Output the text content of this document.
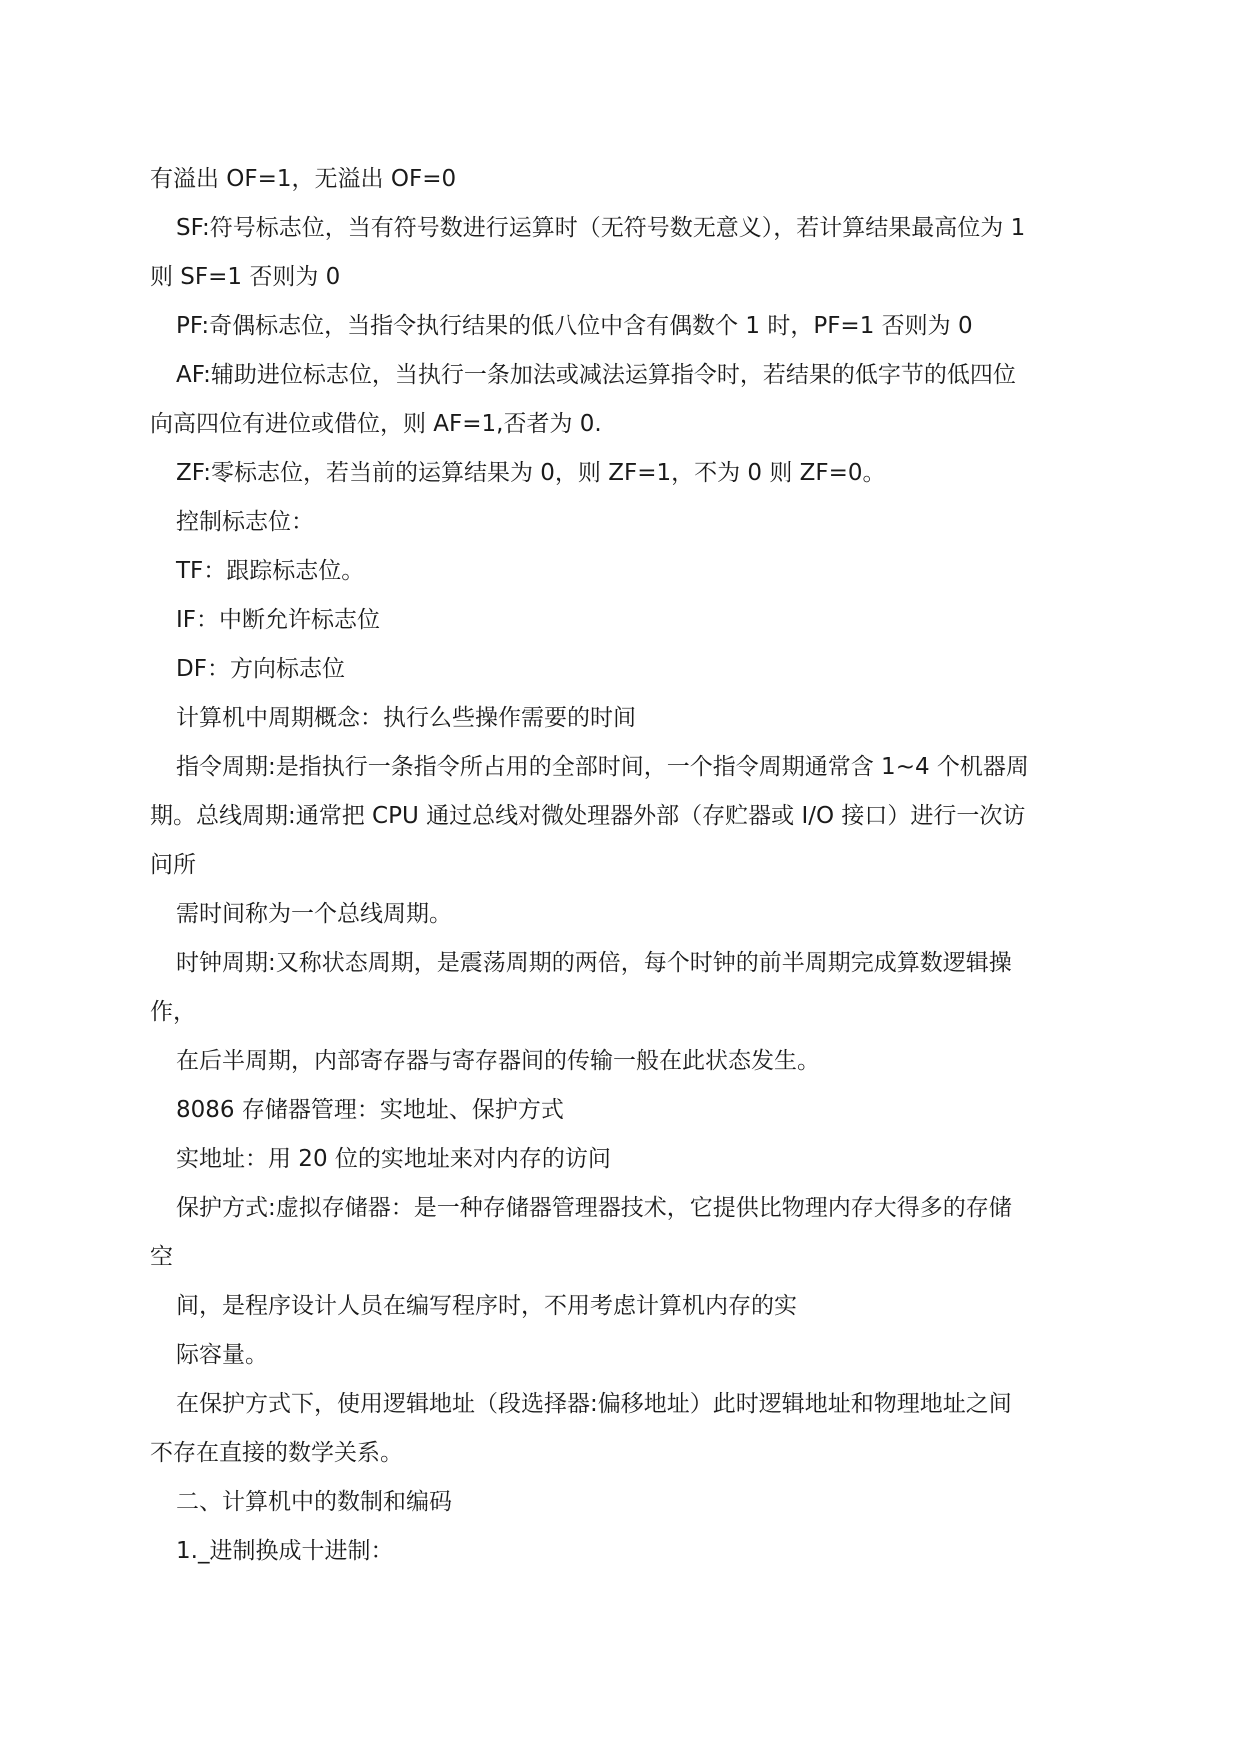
有溢出 OF=1，无溢出 OF=0
SF:符号标志位，当有符号数进行运算时（无符号数无意义），若计算结果最高位为 1
则 SF=1 否则为 0
PF:奇偶标志位，当指令执行结果的低八位中含有偶数个 1 时，PF=1 否则为 0
AF:辅助进位标志位，当执行一条加法或减法运算指令时，若结果的低字节的低四位
向高四位有进位或借位，则 AF=1,否者为 0.
ZF:零标志位，若当前的运算结果为 0，则 ZF=1，不为 0 则 ZF=0。
控制标志位：
TF：跟踪标志位。
IF：中断允许标志位
DF：方向标志位
计算机中周期概念：执行么些操作需要的时间
指令周期:是指执行一条指令所占用的全部时间，一个指令周期通常含 1~4 个机器周
期。总线周期:通常把 CPU 通过总线对微处理器外部（存贮器或 I/O 接口）进行一次访
问所
需时间称为一个总线周期。
时钟周期:又称状态周期，是震荡周期的两倍，每个时钟的前半周期完成算数逻辑操
作，
在后半周期，内部寄存器与寄存器间的传输一般在此状态发生。
8086 存储器管理：实地址、保护方式
实地址：用 20 位的实地址来对内存的访问
保护方式:虚拟存储器：是一种存储器管理器技术，它提供比物理内存大得多的存储
空
间，是程序设计人员在编写程序时，不用考虑计算机内存的实
际容量。
在保护方式下，使用逻辑地址（段选择器:偏移地址）此时逻辑地址和物理地址之间
不存在直接的数学关系。
二、计算机中的数制和编码
1._进制换成十进制：
